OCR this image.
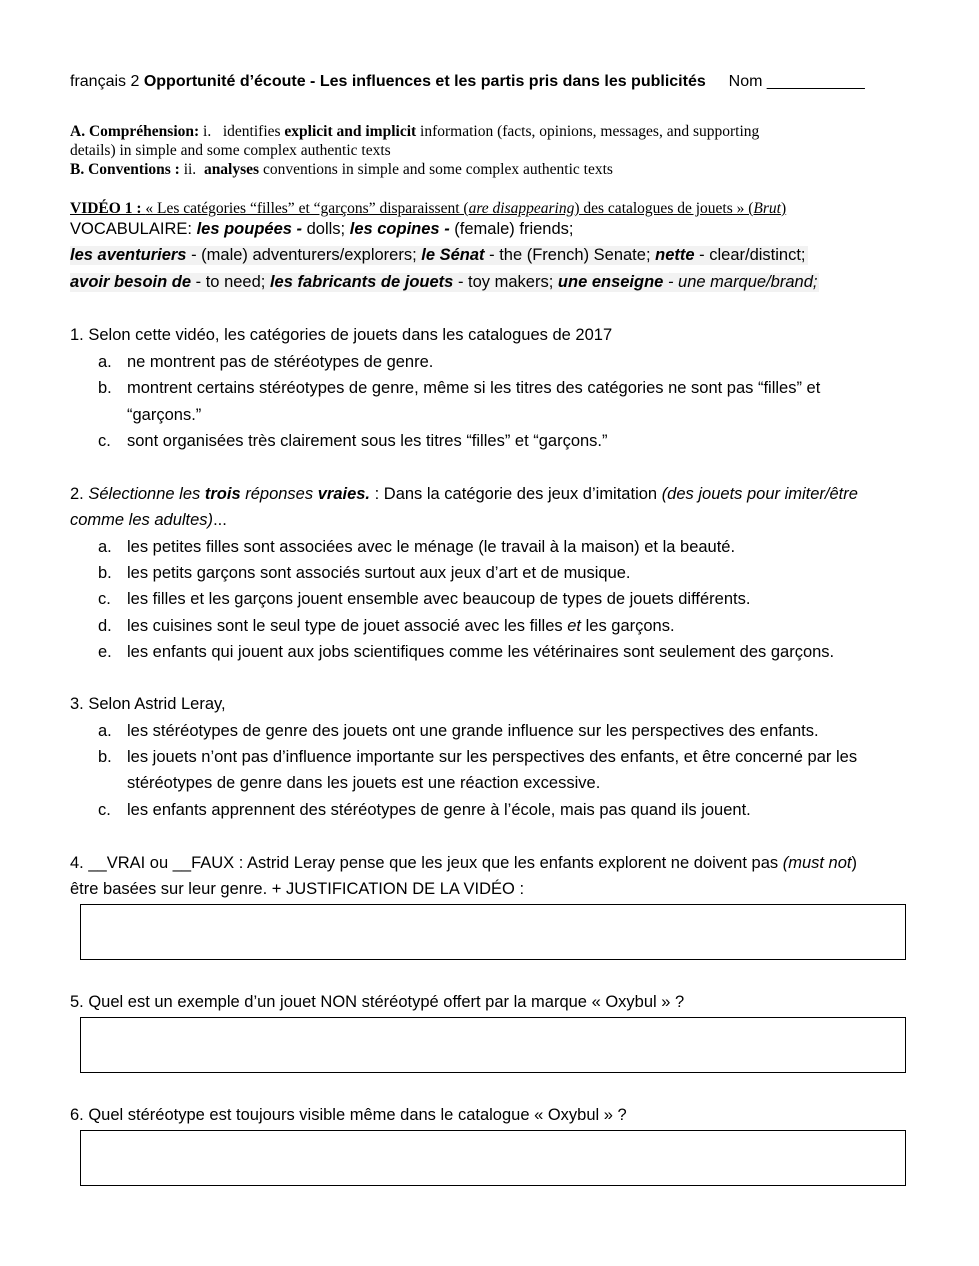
français 2 Opportunité d’écoute - Les influences et les partis pris dans les publicités Nom ___________
A. Compréhension: i. identifies explicit and implicit information (facts, opinions, messages, and supporting
details) in simple and some complex authentic texts
B. Conventions : ii. analyses conventions in simple and some complex authentic texts
VIDÉO 1 : « Les catégories “filles” et “garçons” disparaissent (are disappearing) des catalogues de jouets » (Brut)
VOCABULAIRE: les poupées - dolls; les copines - (female) friends;
les aventuriers - (male) adventurers/explorers; le Sénat - the (French) Senate; nette - clear/distinct;
avoir besoin de - to need; les fabricants de jouets - toy makers; une enseigne - une marque/brand;
1. Selon cette vidéo, les catégories de jouets dans les catalogues de 2017
a. ne montrent pas de stéréotypes de genre.
b. montrent certains stéréotypes de genre, même si les titres des catégories ne sont pas “filles” et
“garçons.”
c. sont organisées très clairement sous les titres “filles” et “garçons.”
2. Sélectionne les trois réponses vraies. : Dans la catégorie des jeux d’imitation (des jouets pour imiter/être
comme les adultes)...
a. les petites filles sont associées avec le ménage (le travail à la maison) et la beauté.
b. les petits garçons sont associés surtout aux jeux d’art et de musique.
c. les filles et les garçons jouent ensemble avec beaucoup de types de jouets différents.
d. les cuisines sont le seul type de jouet associé avec les filles et les garçons.
e. les enfants qui jouent aux jobs scientifiques comme les vétérinaires sont seulement des garçons.
3. Selon Astrid Leray,
a. les stéréotypes de genre des jouets ont une grande influence sur les perspectives des enfants.
b. les jouets n’ont pas d’influence importante sur les perspectives des enfants, et être concerné par les
stéréotypes de genre dans les jouets est une réaction excessive.
c. les enfants apprennent des stéréotypes de genre à l’école, mais pas quand ils jouent.
4. __VRAI ou __FAUX : Astrid Leray pense que les jeux que les enfants explorent ne doivent pas (must not)
être basées sur leur genre. + JUSTIFICATION DE LA VIDÉO :
5. Quel est un exemple d’un jouet NON stéréotypé offert par la marque « Oxybul » ?
6. Quel stéréotype est toujours visible même dans le catalogue « Oxybul » ?
